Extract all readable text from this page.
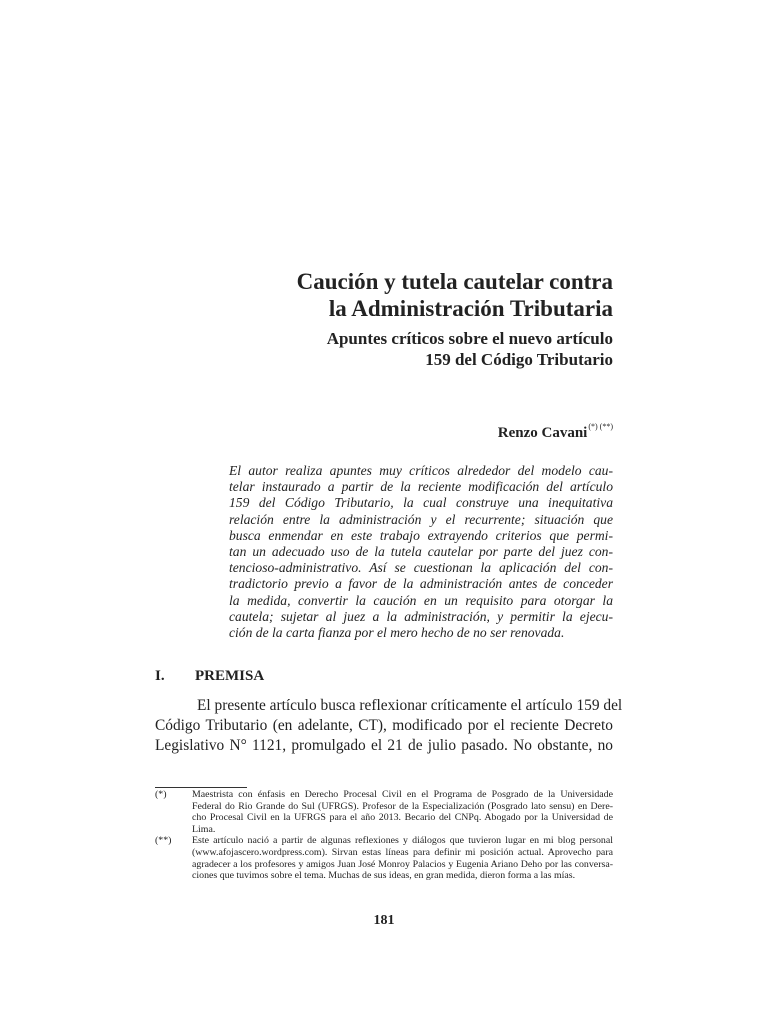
Caución y tutela cautelar contra

la Administración Tributaria

Apuntes críticos sobre el nuevo artículo

159 del Código Tributario

Renzo Cavani(*) (**)
El autor realiza apuntes muy críticos alrededor del modelo cau-
telar instaurado a partir de la reciente modificación del artículo
159 del Código Tributario, la cual construye una inequitativa
relación entre la administración y el recurrente; situación que
busca enmendar en este trabajo extrayendo criterios que permi-
tan un adecuado uso de la tutela cautelar por parte del juez con-
tencioso-administrativo. Así se cuestionan la aplicación del con-
tradictorio previo a favor de la administración antes de conceder
la medida, convertir la caución en un requisito para otorgar la
cautela; sujetar al juez a la administración, y permitir la ejecu-
ción de la carta fianza por el mero hecho de no ser renovada.
I. PREMISA
El presente artículo busca reflexionar críticamente el artículo 159 del
Código Tributario (en adelante, CT), modificado por el reciente Decreto
Legislativo N° 1121, promulgado el 21 de julio pasado. No obstante, no
(*)	Maestrista con énfasis en Derecho Procesal Civil en el Programa de Posgrado de la Universidade
Federal do Rio Grande do Sul (UFRGS). Profesor de la Especialización (Posgrado lato sensu) en Dere-
cho Procesal Civil en la UFRGS para el año 2013. Becario del CNPq. Abogado por la Universidad de
Lima.
(**) Este artículo nació a partir de algunas reflexiones y diálogos que tuvieron lugar en mi blog personal
(www.afojascero.wordpress.com). Sirvan estas líneas para definir mi posición actual. Aprovecho para
agradecer a los profesores y amigos Juan José Monroy Palacios y Eugenia Ariano Deho por las conversa-
ciones que tuvimos sobre el tema. Muchas de sus ideas, en gran medida, dieron forma a las mías.
181
